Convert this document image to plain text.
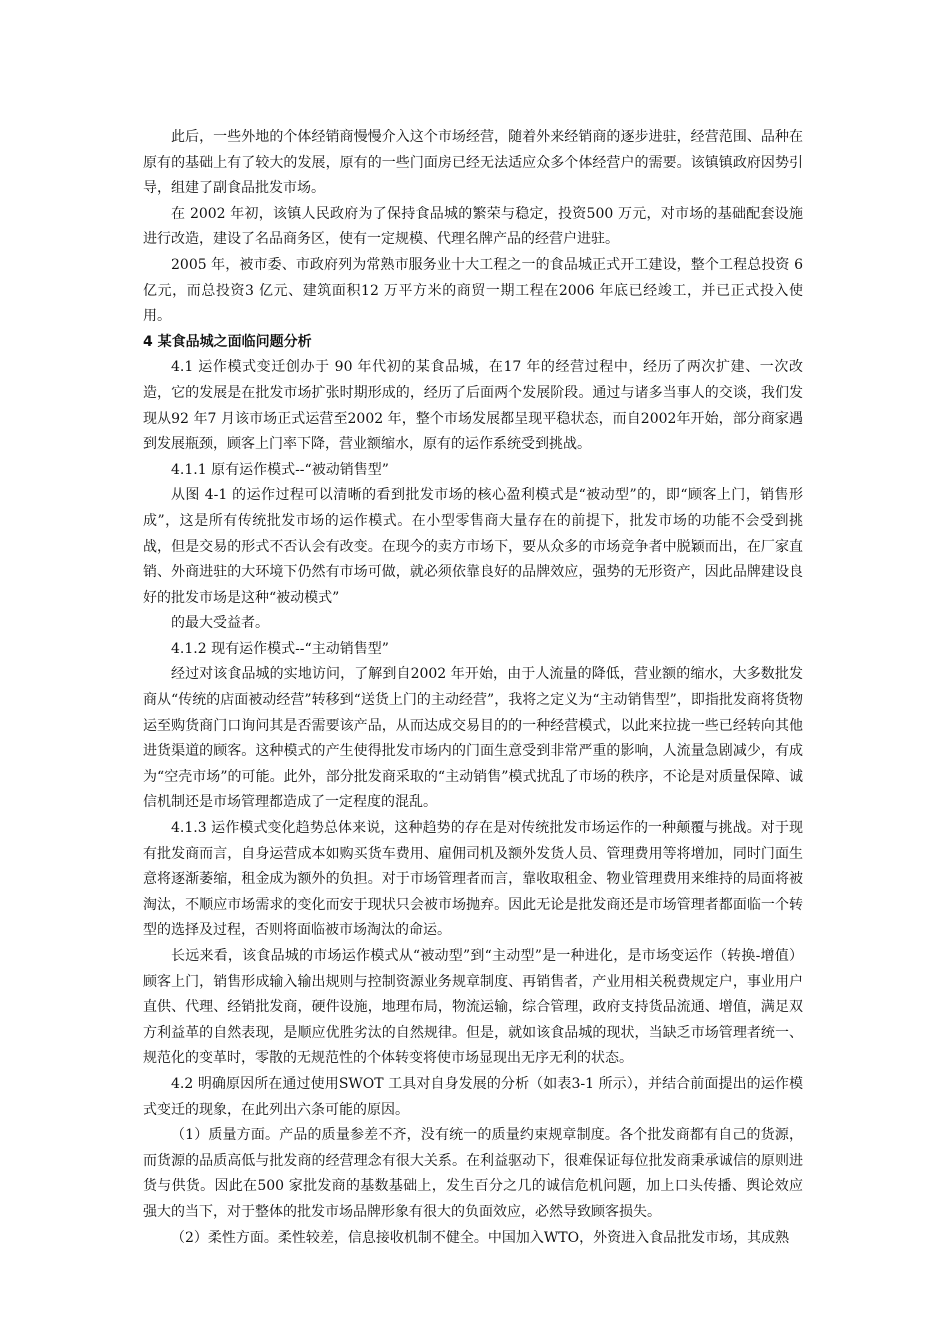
此后，一些外地的个体经销商慢慢介入这个市场经营，随着外来经销商的逐步进驻，经营范围、品种在原有的基础上有了较大的发展，原有的一些门面房已经无法适应众多个体经营户的需要。该镇镇政府因势引导，组建了副食品批发市场。

在 2002 年初，该镇人民政府为了保持食品城的繁荣与稳定，投资500 万元，对市场的基础配套设施进行改造，建设了名品商务区，使有一定规模、代理名牌产品的经营户进驻。

2005 年，被市委、市政府列为常熟市服务业十大工程之一的食品城正式开工建设，整个工程总投资 6 亿元，而总投资3 亿元、建筑面积12 万平方米的商贸一期工程在2006 年底已经竣工，并已正式投入使用。

4 某食品城之面临问题分析

4.1 运作模式变迁创办于 90 年代初的某食品城，在17 年的经营过程中，经历了两次扩建、一次改造，它的发展是在批发市场扩张时期形成的，经历了后面两个发展阶段。通过与诸多当事人的交谈，我们发现从92 年7 月该市场正式运营至2002 年，整个市场发展都呈现平稳状态，而自2002年开始，部分商家遇到发展瓶颈，顾客上门率下降，营业额缩水，原有的运作系统受到挑战。

4.1.1 原有运作模式--“被动销售型”

从图 4-1 的运作过程可以清晰的看到批发市场的核心盈利模式是“被动型”的，即“顾客上门，销售形成”，这是所有传统批发市场的运作模式。在小型零售商大量存在的前提下，批发市场的功能不会受到挑战，但是交易的形式不否认会有改变。在现今的卖方市场下，要从众多的市场竞争者中脱颖而出，在厂家直销、外商进驻的大环境下仍然有市场可做，就必须依靠良好的品牌效应，强势的无形资产，因此品牌建设良好的批发市场是这种“被动模式”

的最大受益者。

4.1.2 现有运作模式--“主动销售型”

经过对该食品城的实地访问，了解到自2002 年开始，由于人流量的降低，营业额的缩水，大多数批发商从“传统的店面被动经营”转移到“送货上门的主动经营”，我将之定义为“主动销售型”，即指批发商将货物运至购货商门口询问其是否需要该产品，从而达成交易目的的一种经营模式，以此来拉拢一些已经转向其他进货渠道的顾客。这种模式的产生使得批发市场内的门面生意受到非常严重的影响，人流量急剧减少，有成为“空壳市场”的可能。此外，部分批发商采取的“主动销售”模式扰乱了市场的秩序，不论是对质量保障、诚信机制还是市场管理都造成了一定程度的混乱。

4.1.3 运作模式变化趋势总体来说，这种趋势的存在是对传统批发市场运作的一种颠覆与挑战。对于现有批发商而言，自身运营成本如购买货车费用、雇佣司机及额外发货人员、管理费用等将增加，同时门面生意将逐渐萎缩，租金成为额外的负担。对于市场管理者而言，靠收取租金、物业管理费用来维持的局面将被淘汰，不顺应市场需求的变化而安于现状只会被市场抛弃。因此无论是批发商还是市场管理者都面临一个转型的选择及过程，否则将面临被市场淘汰的命运。

长远来看，该食品城的市场运作模式从“被动型”到“主动型”是一种进化，是市场变运作（转换-增值）顾客上门，销售形成输入输出规则与控制资源业务规章制度、再销售者，产业用相关税费规定户，事业用户直供、代理、经销批发商，硬件设施，地理布局，物流运输，综合管理，政府支持货品流通、增值，满足双方利益革的自然表现，是顺应优胜劣汰的自然规律。但是，就如该食品城的现状，当缺乏市场管理者统一、规范化的变革时，零散的无规范性的个体转变将使市场显现出无序无利的状态。

4.2 明确原因所在通过使用SWOT 工具对自身发展的分析（如表3-1 所示），并结合前面提出的运作模式变迁的现象，在此列出六条可能的原因。

（1）质量方面。产品的质量参差不齐，没有统一的质量约束规章制度。各个批发商都有自己的货源，而货源的品质高低与批发商的经营理念有很大关系。在利益驱动下，很难保证每位批发商秉承诚信的原则进货与供货。因此在500 家批发商的基数基础上，发生百分之几的诚信危机问题，加上口头传播、舆论效应强大的当下，对于整体的批发市场品牌形象有很大的负面效应，必然导致顾客损失。

（2）柔性方面。柔性较差，信息接收机制不健全。中国加入WTO，外资进入食品批发市场，其成熟
